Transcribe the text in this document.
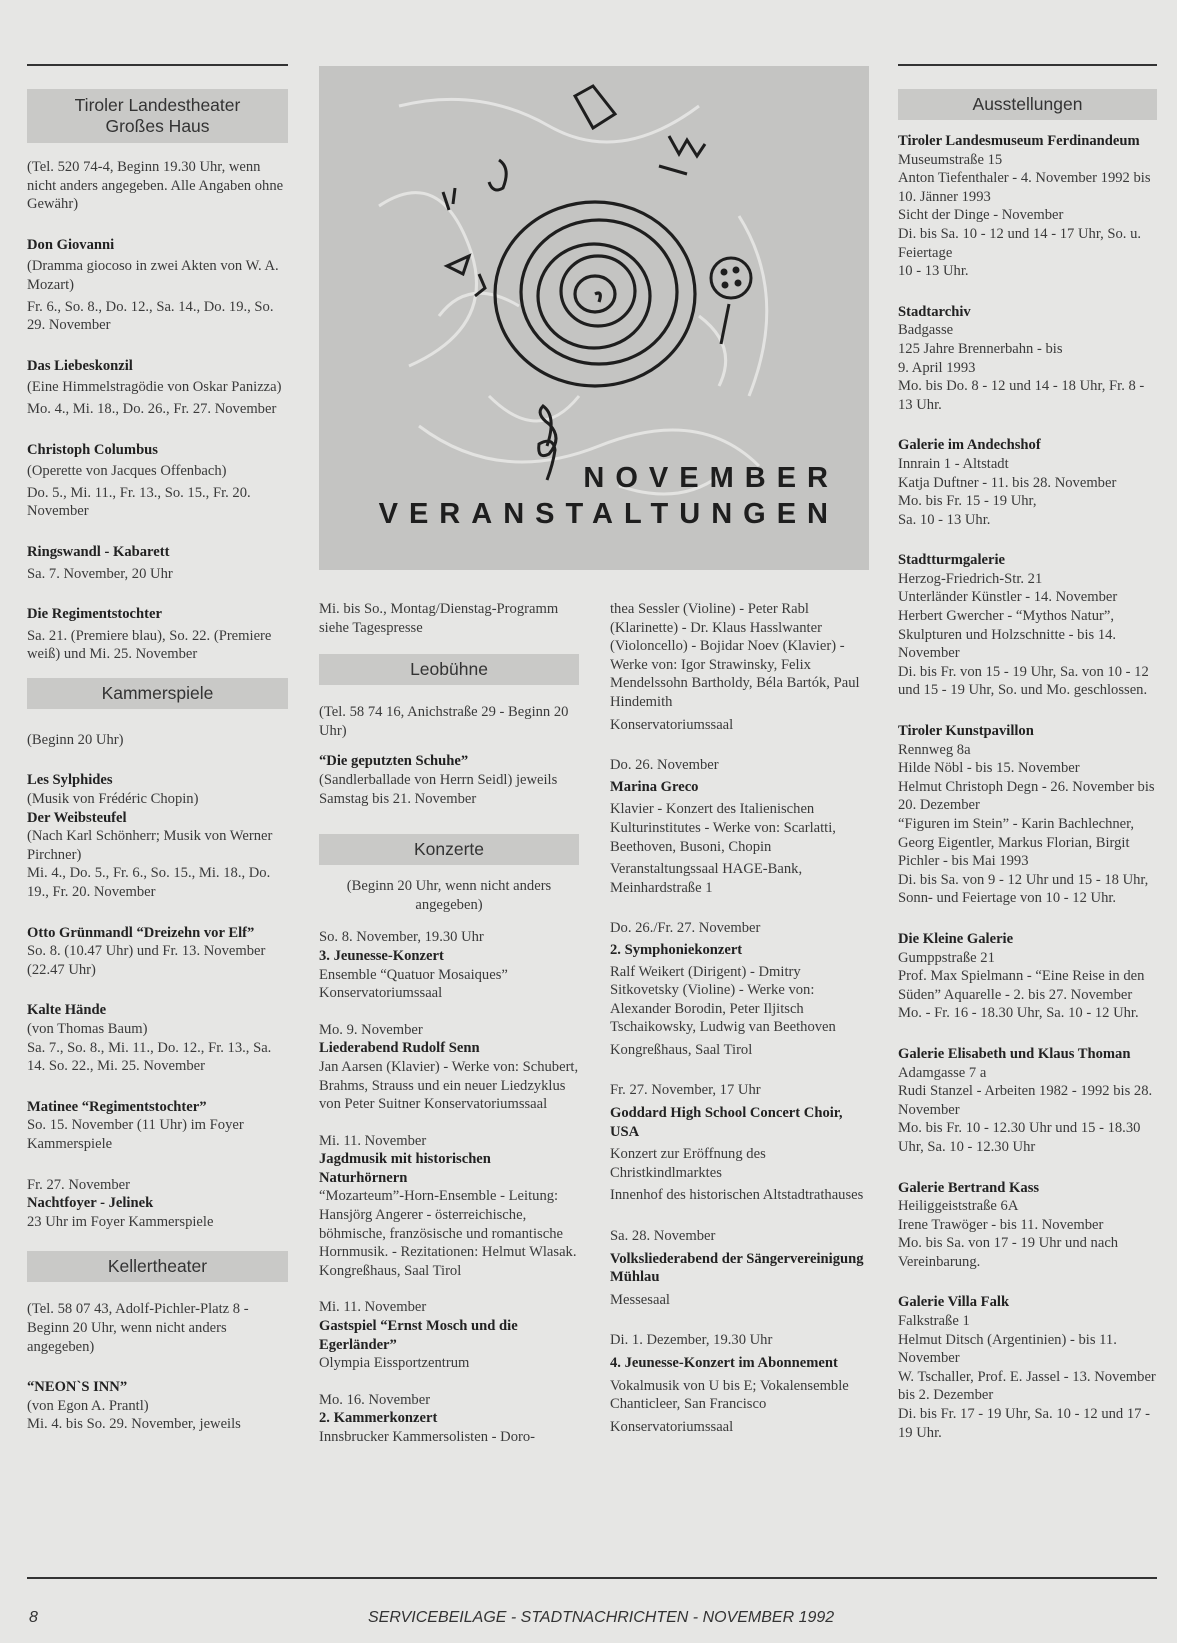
Tiroler Landestheater
Großes Haus

(Tel. 520 74-4, Beginn 19.30 Uhr, wenn nicht anders angegeben. Alle Angaben ohne Gewähr)

Don Giovanni

(Dramma giocoso in zwei Akten von W. A. Mozart)

Fr. 6., So. 8., Do. 12., Sa. 14., Do. 19., So. 29. November

Das Liebeskonzil

(Eine Himmelstragödie von Oskar Panizza)

Mo. 4., Mi. 18., Do. 26., Fr. 27. November

Christoph Columbus

(Operette von Jacques Offenbach)

Do. 5., Mi. 11., Fr. 13., So. 15., Fr. 20. November

Ringswandl - Kabarett

Sa. 7. November, 20 Uhr

Die Regimentstochter

Sa. 21. (Premiere blau), So. 22. (Premiere weiß) und Mi. 25. November

Kammerspiele

(Beginn 20 Uhr)

Les Sylphides

(Musik von Frédéric Chopin)

Der Weibsteufel

(Nach Karl Schönherr; Musik von Werner Pirchner)

Mi. 4., Do. 5., Fr. 6., So. 15., Mi. 18., Do. 19., Fr. 20. November

Otto Grünmandl “Dreizehn vor Elf”

So. 8. (10.47 Uhr) und Fr. 13. November (22.47 Uhr)

Kalte Hände

(von Thomas Baum)

Sa. 7., So. 8., Mi. 11., Do. 12., Fr. 13., Sa. 14. So. 22., Mi. 25. November

Matinee “Regimentstochter”

So. 15. November (11 Uhr) im Foyer Kammerspiele

Fr. 27. November

Nachtfoyer - Jelinek

23 Uhr im Foyer Kammerspiele

Kellertheater

(Tel. 58 07 43, Adolf-Pichler-Platz 8 - Beginn 20 Uhr, wenn nicht anders angegeben)

“NEON`S INN”

(von Egon A. Prantl)

Mi. 4. bis So. 29. November, jeweils

NOVEMBER
VERANSTALTUNGEN

Mi. bis So., Montag/Dienstag-Programm siehe Tagespresse

Leobühne

(Tel. 58 74 16, Anichstraße 29 - Beginn 20 Uhr)

“Die geputzten Schuhe”

(Sandlerballade von Herrn Seidl) jeweils Samstag bis 21. November

Konzerte

(Beginn 20 Uhr, wenn nicht anders angegeben)

So. 8. November, 19.30 Uhr

3. Jeunesse-Konzert

Ensemble “Quatuor Mosaiques” Konservatoriumssaal

Mo. 9. November

Liederabend Rudolf Senn

Jan Aarsen (Klavier) - Werke von: Schubert, Brahms, Strauss und ein neuer Liedzyklus von Peter Suitner Konservatoriumssaal

Mi. 11. November

Jagdmusik mit historischen Naturhörnern

“Mozarteum”-Horn-Ensemble - Leitung: Hansjörg Angerer - österreichische, böhmische, französische und romantische Hornmusik. - Rezitationen: Helmut Wlasak.

Kongreßhaus, Saal Tirol

Mi. 11. November

Gastspiel “Ernst Mosch und die Egerländer”

Olympia Eissportzentrum

Mo. 16. November

2. Kammerkonzert

Innsbrucker Kammersolisten - Doro-

thea Sessler (Violine) - Peter Rabl (Klarinette) - Dr. Klaus Hasslwanter (Violoncello) - Bojidar Noev (Klavier) - Werke von: Igor Strawinsky, Felix Mendelssohn Bartholdy, Béla Bartók, Paul Hindemith

Konservatoriumssaal

Do. 26. November

Marina Greco

Klavier - Konzert des Italienischen Kulturinstitutes - Werke von: Scarlatti, Beethoven, Busoni, Chopin

Veranstaltungssaal HAGE-Bank, Meinhardstraße 1

Do. 26./Fr. 27. November

2. Symphoniekonzert

Ralf Weikert (Dirigent) - Dmitry Sitkovetsky (Violine) - Werke von: Alexander Borodin, Peter Iljitsch Tschaikowsky, Ludwig van Beethoven

Kongreßhaus, Saal Tirol

Fr. 27. November, 17 Uhr

Goddard High School Concert Choir, USA

Konzert zur Eröffnung des Christkindlmarktes

Innenhof des historischen Altstadtrathauses

Sa. 28. November

Volksliederabend der Sängervereinigung Mühlau

Messesaal

Di. 1. Dezember, 19.30 Uhr

4. Jeunesse-Konzert im Abonnement

Vokalmusik von U bis E; Vokalensemble Chanticleer, San Francisco

Konservatoriumssaal

Ausstellungen

Tiroler Landesmuseum Ferdinandeum

Museumstraße 15
Anton Tiefenthaler - 4. November 1992 bis 10. Jänner 1993
Sicht der Dinge - November
Di. bis Sa. 10 - 12 und 14 - 17 Uhr, So. u. Feiertage
10 - 13 Uhr.

Stadtarchiv

Badgasse
125 Jahre Brennerbahn - bis
9. April 1993
Mo. bis Do. 8 - 12 und 14 - 18 Uhr, Fr. 8 - 13 Uhr.

Galerie im Andechshof

Innrain 1 - Altstadt
Katja Duftner - 11. bis 28. November
Mo. bis Fr. 15 - 19 Uhr,
Sa. 10 - 13 Uhr.

Stadtturmgalerie

Herzog-Friedrich-Str. 21
Unterländer Künstler - 14. November
Herbert Gwercher - “Mythos Natur”, Skulpturen und Holzschnitte - bis 14. November
Di. bis Fr. von 15 - 19 Uhr, Sa. von 10 - 12 und 15 - 19 Uhr, So. und Mo. geschlossen.

Tiroler Kunstpavillon

Rennweg 8a
Hilde Nöbl - bis 15. November
Helmut Christoph Degn - 26. November bis 20. Dezember
“Figuren im Stein” - Karin Bachlechner, Georg Eigentler, Markus Florian, Birgit Pichler - bis Mai 1993
Di. bis Sa. von 9 - 12 Uhr und 15 - 18 Uhr, Sonn- und Feiertage von 10 - 12 Uhr.

Die Kleine Galerie

Gumppstraße 21
Prof. Max Spielmann - “Eine Reise in den Süden” Aquarelle - 2. bis 27. November
Mo. - Fr. 16 - 18.30 Uhr, Sa. 10 - 12 Uhr.

Galerie Elisabeth und Klaus Thoman

Adamgasse 7 a
Rudi Stanzel - Arbeiten 1982 - 1992 bis 28. November
Mo. bis Fr. 10 - 12.30 Uhr und 15 - 18.30 Uhr, Sa. 10 - 12.30 Uhr

Galerie Bertrand Kass

Heiliggeiststraße 6A
Irene Trawöger - bis 11. November
Mo. bis Sa. von 17 - 19 Uhr und nach Vereinbarung.

Galerie Villa Falk

Falkstraße 1
Helmut Ditsch (Argentinien) - bis 11. November
W. Tschaller, Prof. E. Jassel - 13. November bis 2. Dezember
Di. bis Fr. 17 - 19 Uhr, Sa. 10 - 12 und 17 - 19 Uhr.

8	SERVICEBEILAGE - STADTNACHRICHTEN - NOVEMBER 1992
